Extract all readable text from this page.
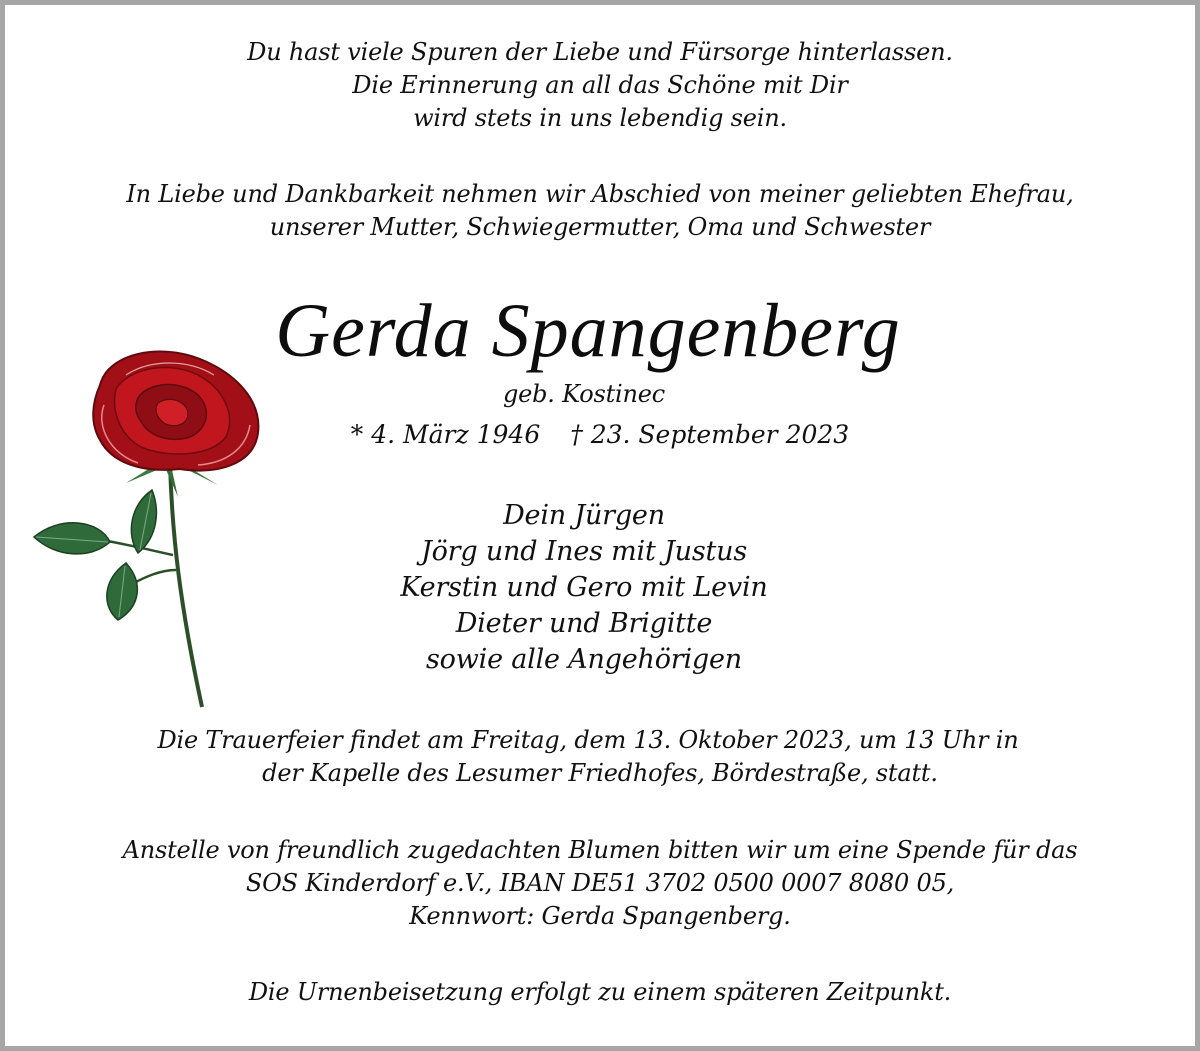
Du hast viele Spuren der Liebe und Fürsorge hinterlassen.
Die Erinnerung an all das Schöne mit Dir
wird stets in uns lebendig sein.
In Liebe und Dankbarkeit nehmen wir Abschied von meiner geliebten Ehefrau,
unserer Mutter, Schwiegermutter, Oma und Schwester
Gerda Spangenberg
geb. Kostinec
* 4. März 1946 † 23. September 2023
Dein Jürgen
Jörg und Ines mit Justus
Kerstin und Gero mit Levin
Dieter und Brigitte
sowie alle Angehörigen
Die Trauerfeier findet am Freitag, dem 13. Oktober 2023, um 13 Uhr in
der Kapelle des Lesumer Friedhofes, Bördestraße, statt.
Anstelle von freundlich zugedachten Blumen bitten wir um eine Spende für das
SOS Kinderdorf e.V., IBAN DE51 3702 0500 0007 8080 05,
Kennwort: Gerda Spangenberg.
Die Urnenbeisetzung erfolgt zu einem späteren Zeitpunkt.
